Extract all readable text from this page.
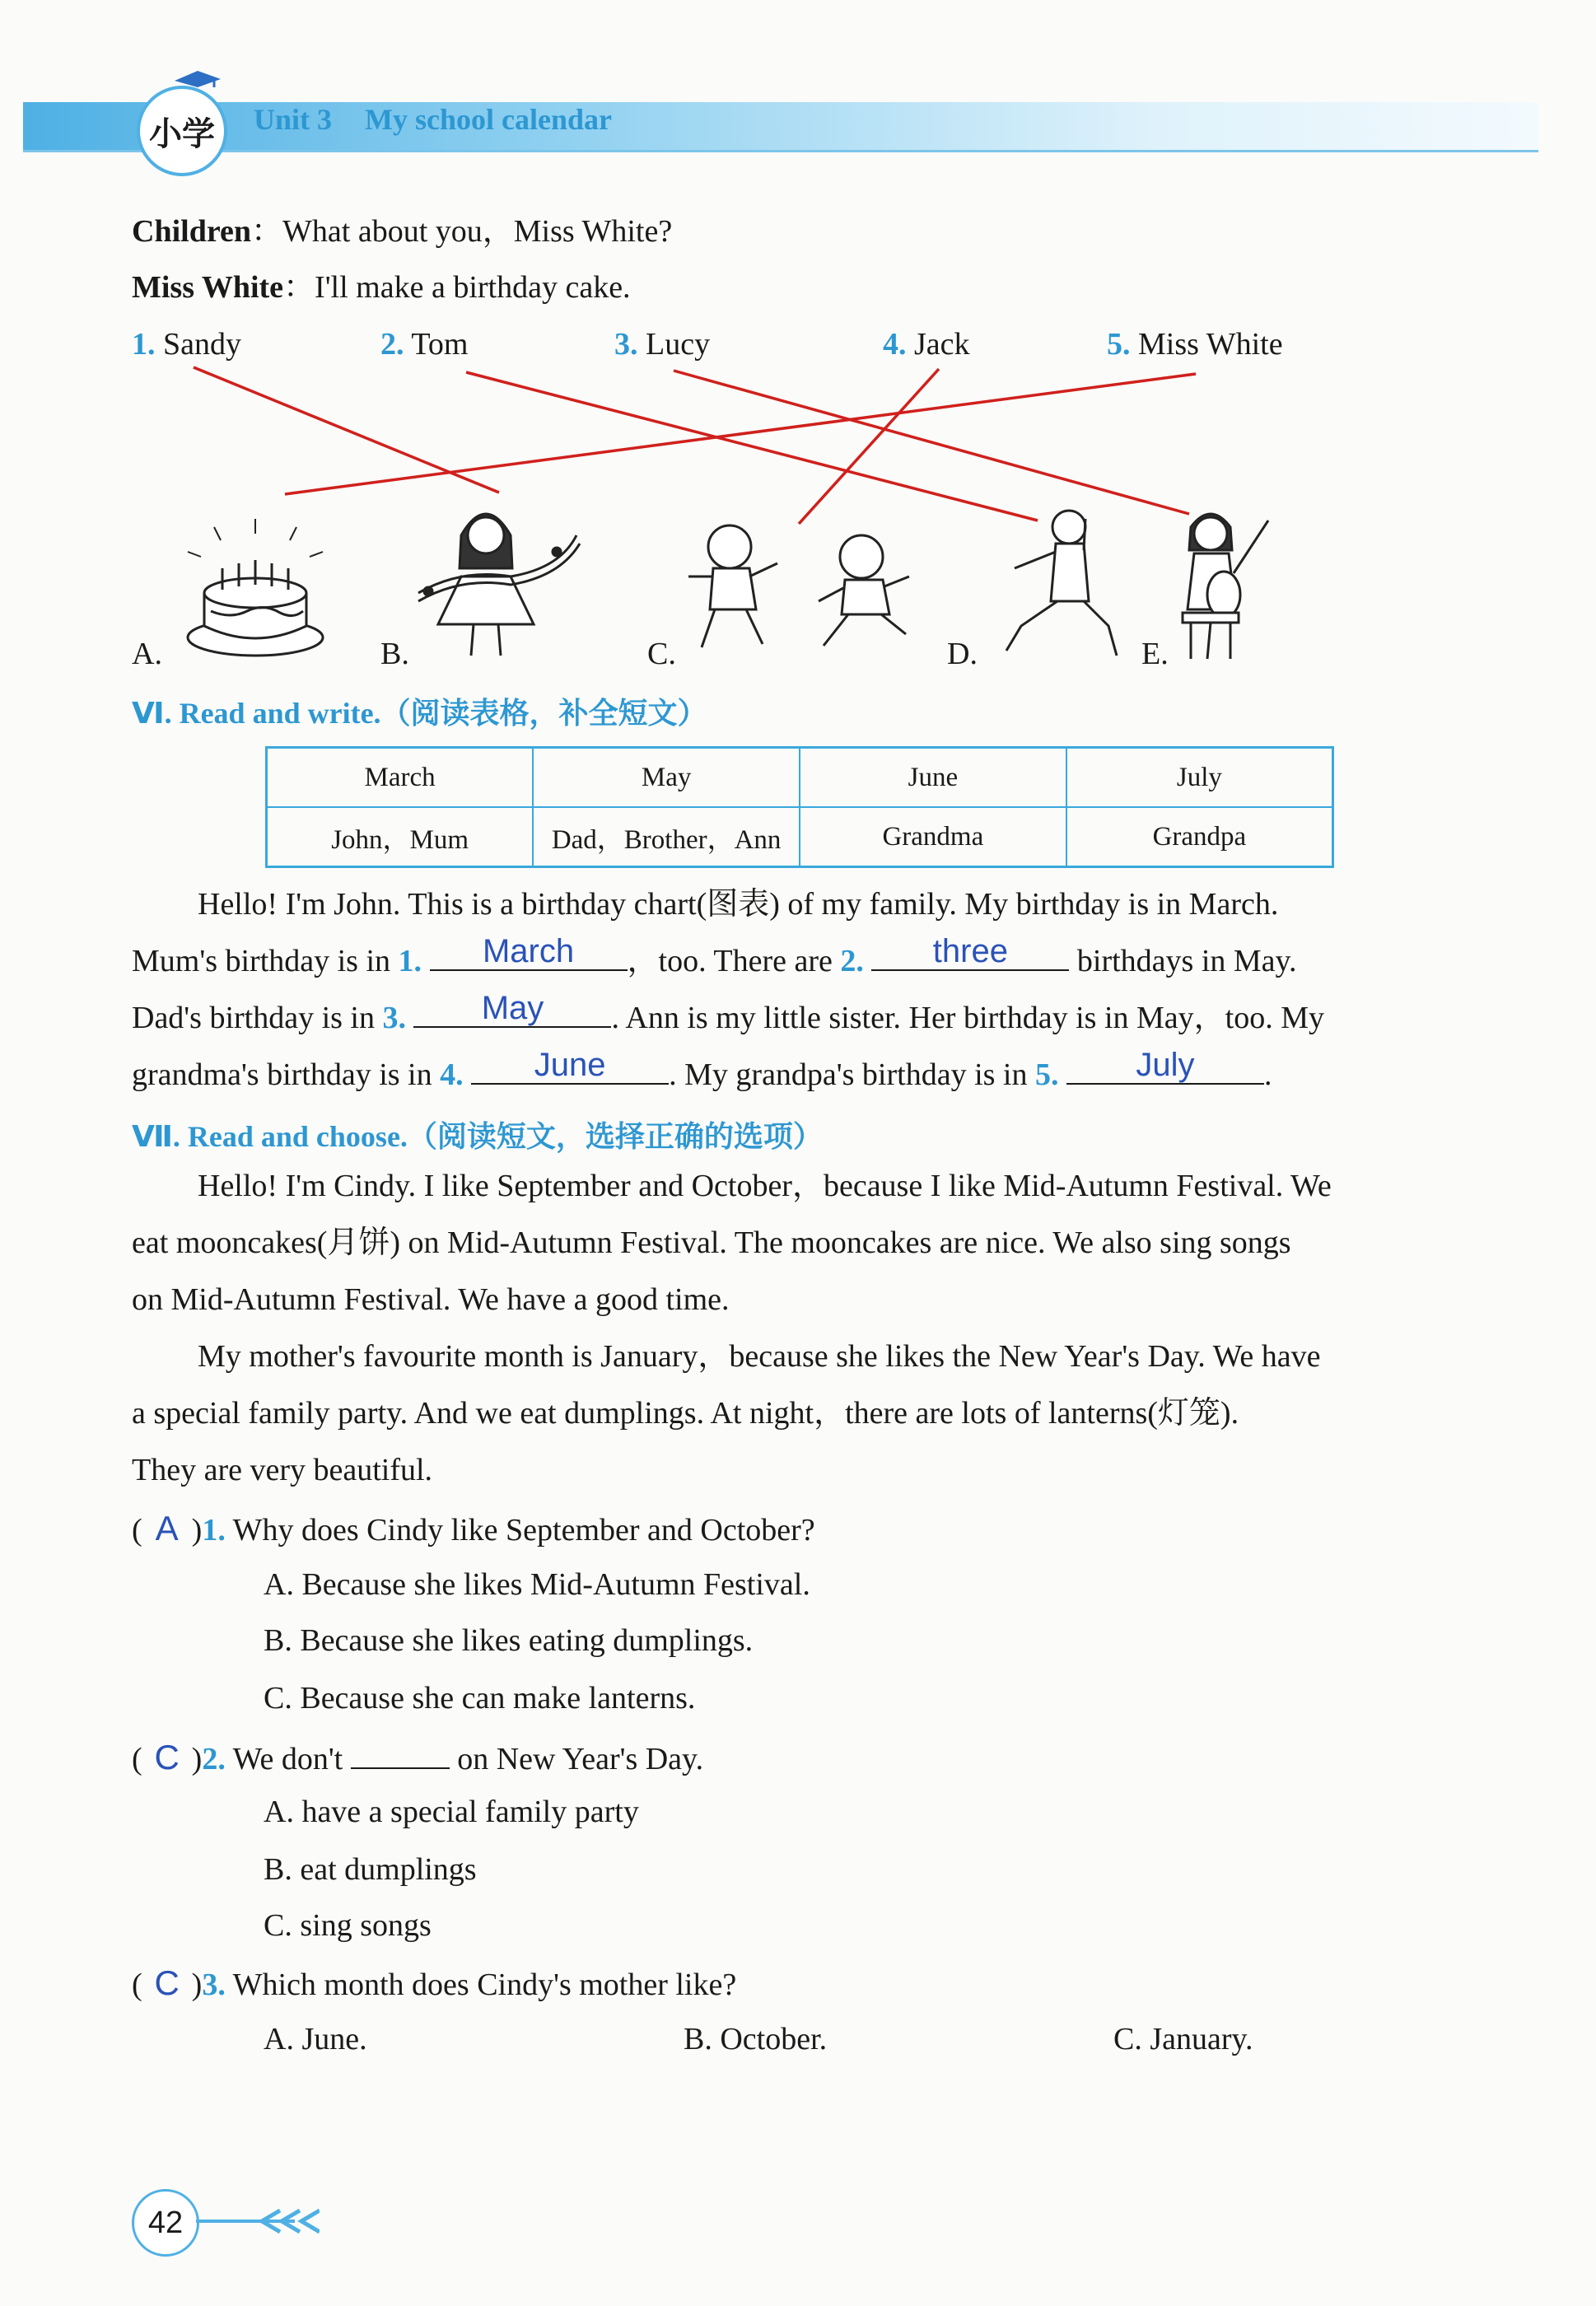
小学 Unit 3 My school calendar
Children：What about you，Miss White?
Miss White：I'll make a birthday cake.
1. Sandy	2. Tom	3. Lucy	4. Jack	5. Miss White
A.	B.	C.	D.	E.
Ⅵ. Read and write.（阅读表格，补全短文）
March	May	June	July
John，Mum	Dad，Brother，Ann	Grandma	Grandpa
Hello! I'm John. This is a birthday chart(图表) of my family. My birthday is in March.
Mum's birthday is in 1.	March	，too. There are 2.	three	birthdays in May.
Dad's birthday is in 3.	May	. Ann is my little sister. Her birthday is in May，too. My
grandma's birthday is in 4.	June	. My grandpa's birthday is in 5.	July	.
Ⅶ. Read and choose.（阅读短文，选择正确的选项）
Hello! I'm Cindy. I like September and October，because I like Mid-Autumn Festival. We
eat mooncakes(月饼) on Mid-Autumn Festival. The mooncakes are nice. We also sing songs
on Mid-Autumn Festival. We have a good time.
My mother's favourite month is January，because she likes the New Year's Day. We have
a special family party. And we eat dumplings. At night，there are lots of lanterns(灯笼).
They are very beautiful.
( A )1. Why does Cindy like September and October?
A. Because she likes Mid-Autumn Festival.
B. Because she likes eating dumplings.
C. Because she can make lanterns.
( C )2. We don't	on New Year's Day.
A. have a special family party
B. eat dumplings
C. sing songs
( C )3. Which month does Cindy's mother like?
A. June.	B. October.	C. January.
42
